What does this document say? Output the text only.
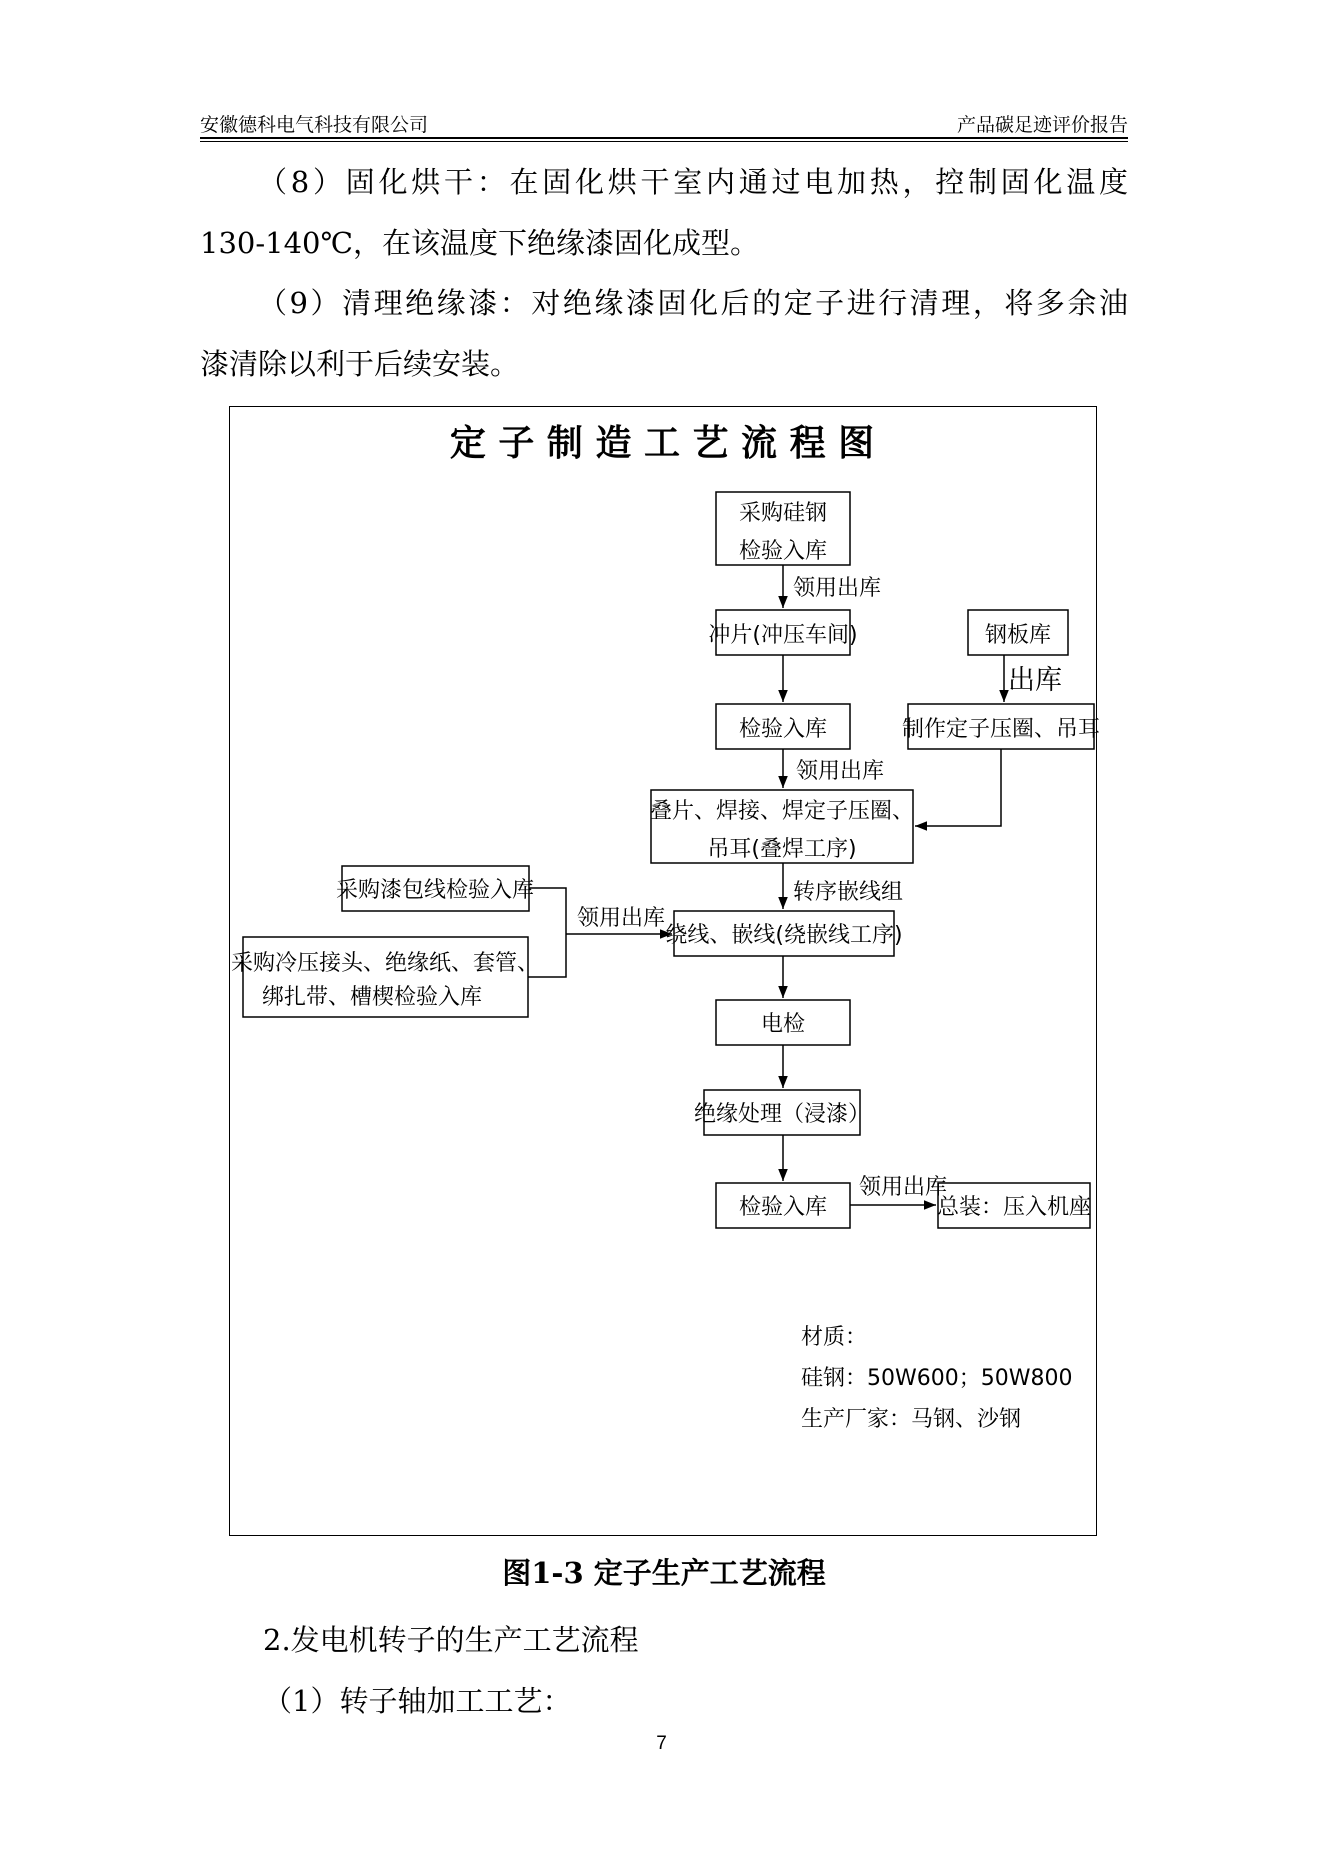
安徽德科电气科技有限公司	产品碳足迹评价报告
（8）固化烘干：在固化烘干室内通过电加热，控制固化温度
130-140℃，在该温度下绝缘漆固化成型。
（9）清理绝缘漆：对绝缘漆固化后的定子进行清理，将多余油
漆清除以利于后续安装。
定 子 制 造 工 艺 流 程 图
采购硅钢
检验入库
领用出库
冲片(冲压车间)	钢板库
出库
检验入库	制作定子压圈、吊耳
领用出库
叠片、焊接、焊定子压圈、
吊耳(叠焊工序)
转序嵌线组
采购漆包线检验入库
领用出库
绕线、嵌线(绕嵌线工序)
采购冷压接头、绝缘纸、套管、
绑扎带、槽楔检验入库
电检
绝缘处理（浸漆）
检验入库
领用出库
总装：压入机座
材质：
硅钢：50W600；50W800
生产厂家：马钢、沙钢
图1-3 定子生产工艺流程
2.发电机转子的生产工艺流程
（1）转子轴加工工艺：
7
